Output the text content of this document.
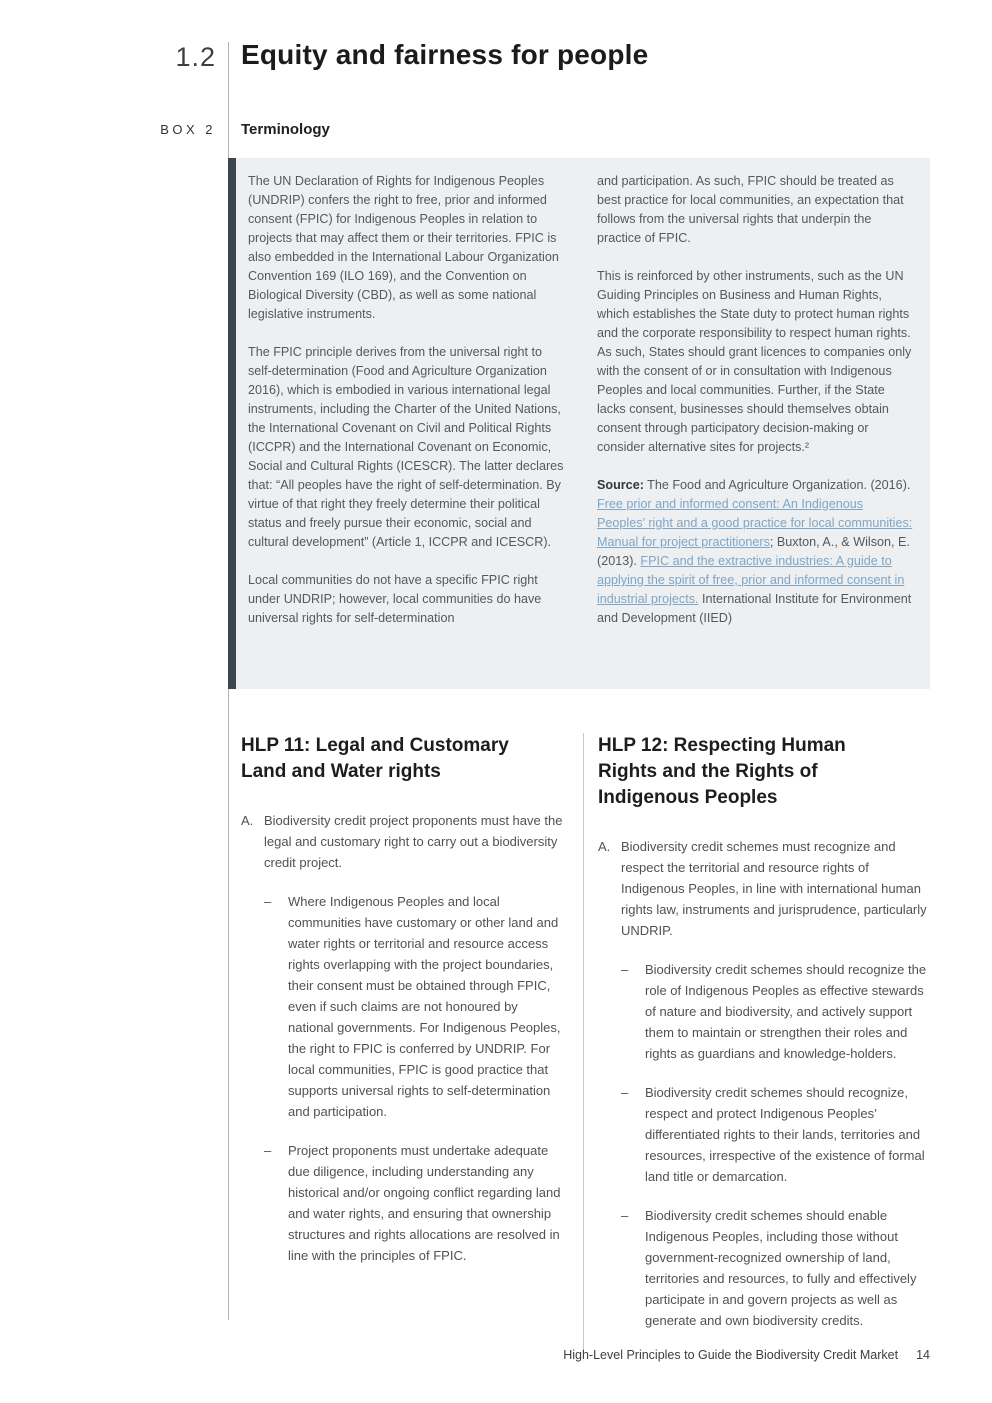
1.2 Equity and fairness for people
BOX 2 Terminology

The UN Declaration of Rights for Indigenous Peoples (UNDRIP) confers the right to free, prior and informed consent (FPIC) for Indigenous Peoples in relation to projects that may affect them or their territories. FPIC is also embedded in the International Labour Organization Convention 169 (ILO 169), and the Convention on Biological Diversity (CBD), as well as some national legislative instruments.

The FPIC principle derives from the universal right to self-determination (Food and Agriculture Organization 2016), which is embodied in various international legal instruments, including the Charter of the United Nations, the International Covenant on Civil and Political Rights (ICCPR) and the International Covenant on Economic, Social and Cultural Rights (ICESCR). The latter declares that: “All peoples have the right of self-determination. By virtue of that right they freely determine their political status and freely pursue their economic, social and cultural development” (Article 1, ICCPR and ICESCR).

Local communities do not have a specific FPIC right under UNDRIP; however, local communities do have universal rights for self-determination

and participation. As such, FPIC should be treated as best practice for local communities, an expectation that follows from the universal rights that underpin the practice of FPIC.

This is reinforced by other instruments, such as the UN Guiding Principles on Business and Human Rights, which establishes the State duty to protect human rights and the corporate responsibility to respect human rights. As such, States should grant licences to companies only with the consent of or in consultation with Indigenous Peoples and local communities. Further, if the State lacks consent, businesses should themselves obtain consent through participatory decision-making or consider alternative sites for projects.²

Source: The Food and Agriculture Organization. (2016). Free prior and informed consent: An Indigenous Peoples’ right and a good practice for local communities: Manual for project practitioners; Buxton, A., & Wilson, E. (2013). FPIC and the extractive industries: A guide to applying the spirit of free, prior and informed consent in industrial projects. International Institute for Environment and Development (IIED)

HLP 11: Legal and Customary Land and Water rights
A. Biodiversity credit project proponents must have the legal and customary right to carry out a biodiversity credit project.

–	Where Indigenous Peoples and local communities have customary or other land and water rights or territorial and resource access rights overlapping with the project boundaries, their consent must be obtained through FPIC, even if such claims are not honoured by national governments. For Indigenous Peoples, the right to FPIC is conferred by UNDRIP. For local communities, FPIC is good practice that supports universal rights to self-determination and participation.

–	Project proponents must undertake adequate due diligence, including understanding any historical and/or ongoing conflict regarding land and water rights, and ensuring that ownership structures and rights allocations are resolved in line with the principles of FPIC.

HLP 12: Respecting Human Rights and the Rights of Indigenous Peoples
A. Biodiversity credit schemes must recognize and respect the territorial and resource rights of Indigenous Peoples, in line with international human rights law, instruments and jurisprudence, particularly UNDRIP.

–	Biodiversity credit schemes should recognize the role of Indigenous Peoples as effective stewards of nature and biodiversity, and actively support them to maintain or strengthen their roles and rights as guardians and knowledge-holders.

–	Biodiversity credit schemes should recognize, respect and protect Indigenous Peoples’ differentiated rights to their lands, territories and resources, irrespective of the existence of formal land title or demarcation.

–	Biodiversity credit schemes should enable Indigenous Peoples, including those without government-recognized ownership of land, territories and resources, to fully and effectively participate in and govern projects as well as generate and own biodiversity credits.

High-Level Principles to Guide the Biodiversity Credit Market 14
